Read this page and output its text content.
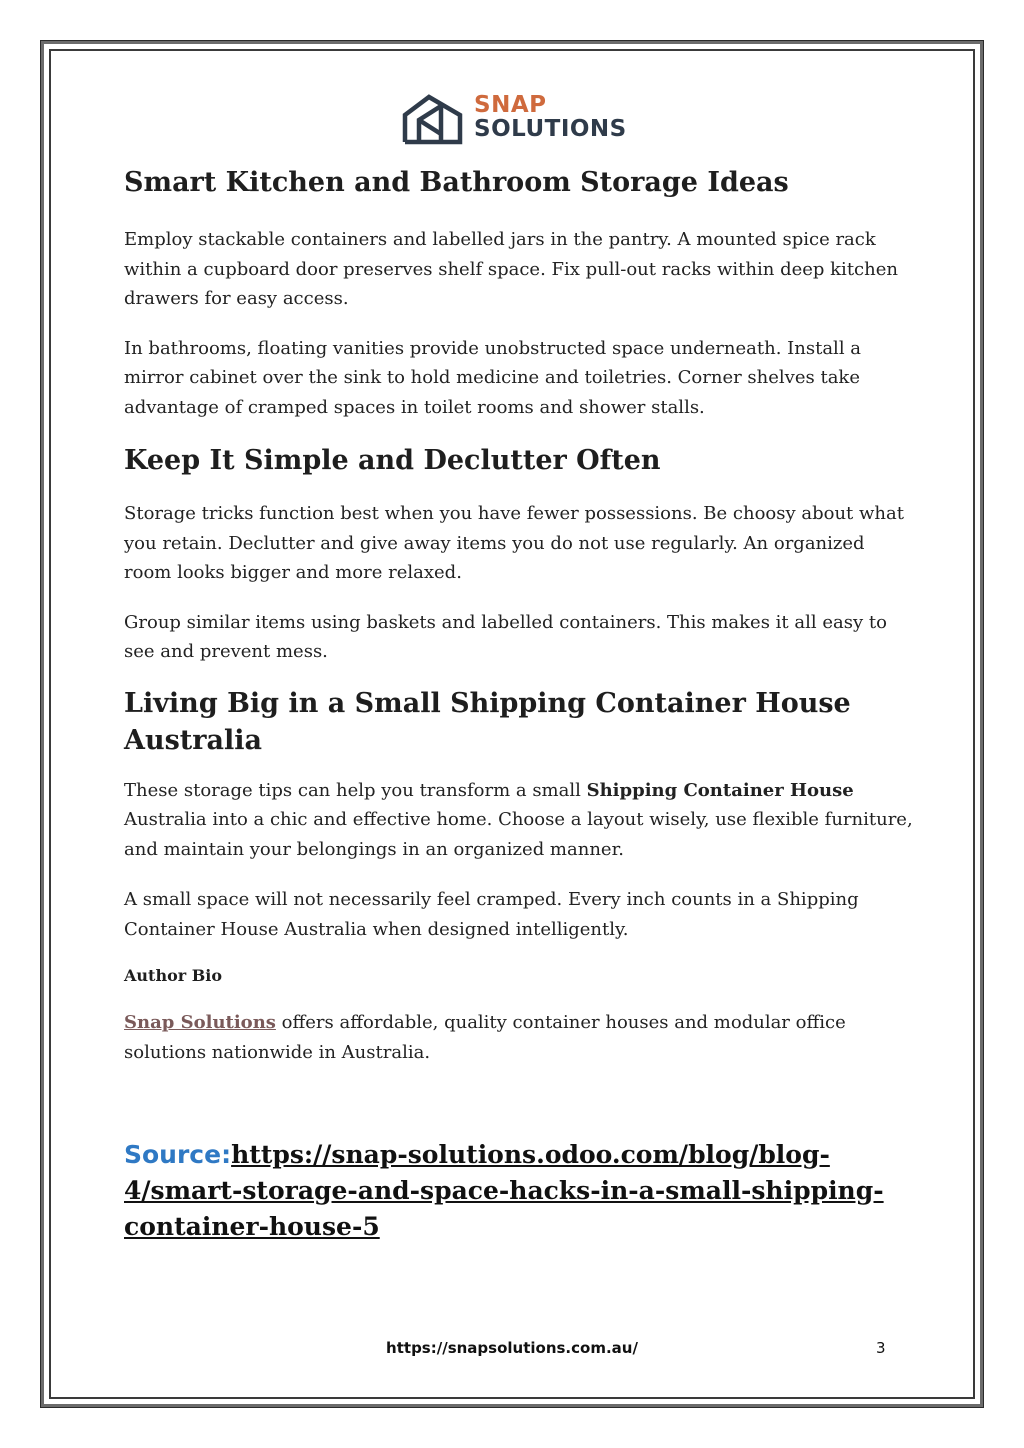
SNAP
SOLUTIONS
Smart Kitchen and Bathroom Storage Ideas

Employ stackable containers and labelled jars in the pantry. A mounted spice rack within a cupboard door preserves shelf space. Fix pull-out racks within deep kitchen drawers for easy access.

In bathrooms, floating vanities provide unobstructed space underneath. Install a mirror cabinet over the sink to hold medicine and toiletries. Corner shelves take advantage of cramped spaces in toilet rooms and shower stalls.

Keep It Simple and Declutter Often

Storage tricks function best when you have fewer possessions. Be choosy about what you retain. Declutter and give away items you do not use regularly. An organized room looks bigger and more relaxed.

Group similar items using baskets and labelled containers. This makes it all easy to see and prevent mess.

Living Big in a Small Shipping Container House Australia

These storage tips can help you transform a small Shipping Container House Australia into a chic and effective home. Choose a layout wisely, use flexible furniture, and maintain your belongings in an organized manner.

A small space will not necessarily feel cramped. Every inch counts in a Shipping Container House Australia when designed intelligently.

Author Bio

Snap Solutions offers affordable, quality container houses and modular office solutions nationwide in Australia.

Source:https://snap-solutions.odoo.com/blog/blog-4/smart-storage-and-space-hacks-in-a-small-shipping-container-house-5
https://snapsolutions.com.au/	3
